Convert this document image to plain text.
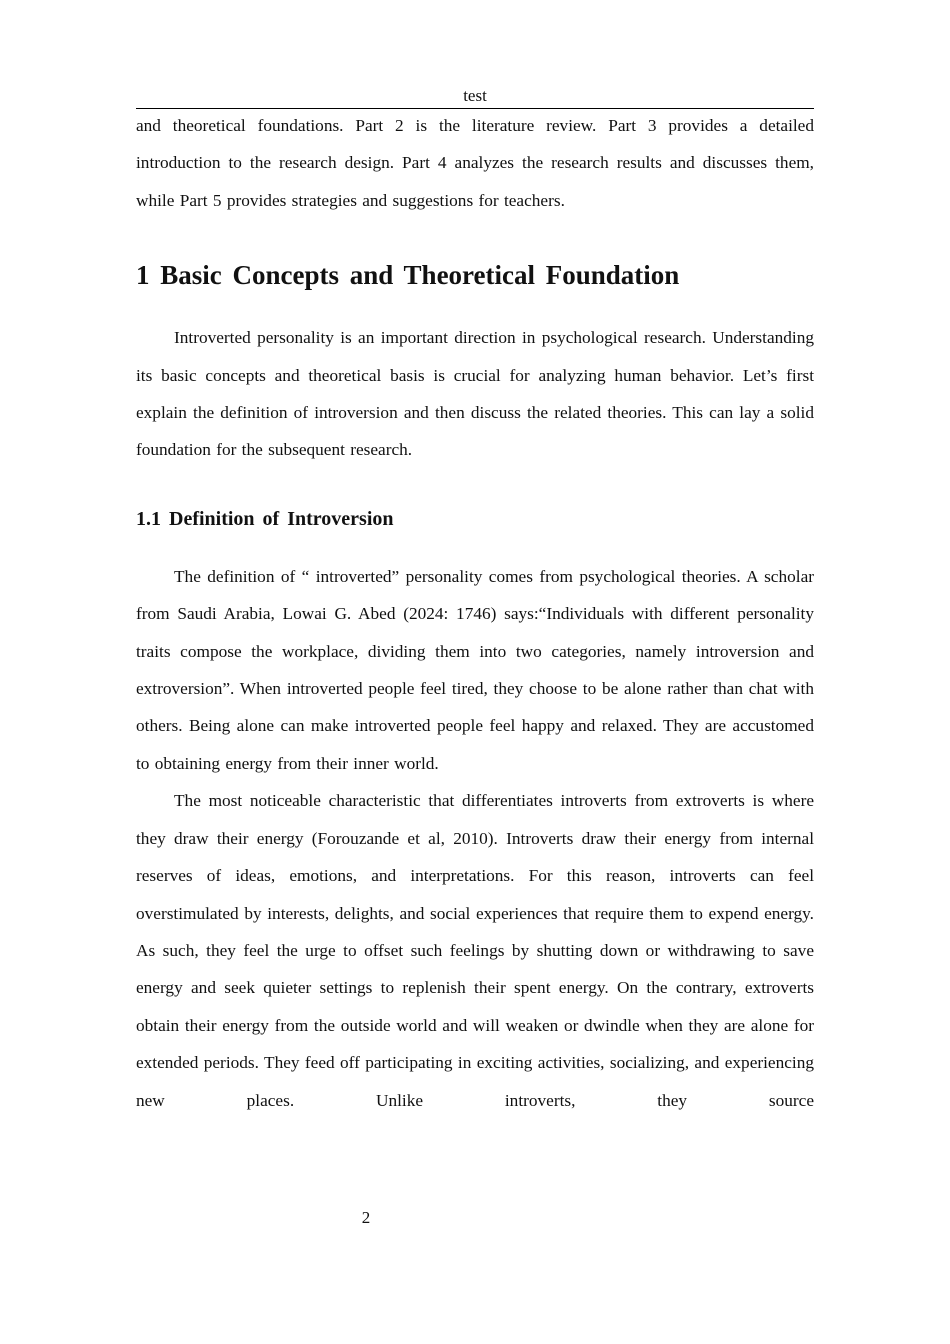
test

and theoretical foundations. Part 2 is the literature review. Part 3 provides a detailed introduction to the research design. Part 4 analyzes the research results and discusses them, while Part 5 provides strategies and suggestions for teachers.

1 Basic Concepts and Theoretical Foundation

Introverted personality is an important direction in psychological research. Understanding its basic concepts and theoretical basis is crucial for analyzing human behavior. Let’s first explain the definition of introversion and then discuss the related theories. This can lay a solid foundation for the subsequent research.

1.1 Definition of Introversion

The definition of “ introverted” personality comes from psychological theories. A scholar from Saudi Arabia, Lowai G. Abed (2024: 1746) says:“Individuals with different personality traits compose the workplace, dividing them into two categories, namely introversion and extroversion”. When introverted people feel tired, they choose to be alone rather than chat with others. Being alone can make introverted people feel happy and relaxed. They are accustomed to obtaining energy from their inner world.

The most noticeable characteristic that differentiates introverts from extroverts is where they draw their energy (Forouzande et al, 2010). Introverts draw their energy from internal reserves of ideas, emotions, and interpretations. For this reason, introverts can feel overstimulated by interests, delights, and social experiences that require them to expend energy. As such, they feel the urge to offset such feelings by shutting down or withdrawing to save energy and seek quieter settings to replenish their spent energy. On the contrary, extroverts obtain their energy from the outside world and will weaken or dwindle when they are alone for extended periods. They feed off participating in exciting activities, socializing, and experiencing new places. Unlike introverts, they source

2
